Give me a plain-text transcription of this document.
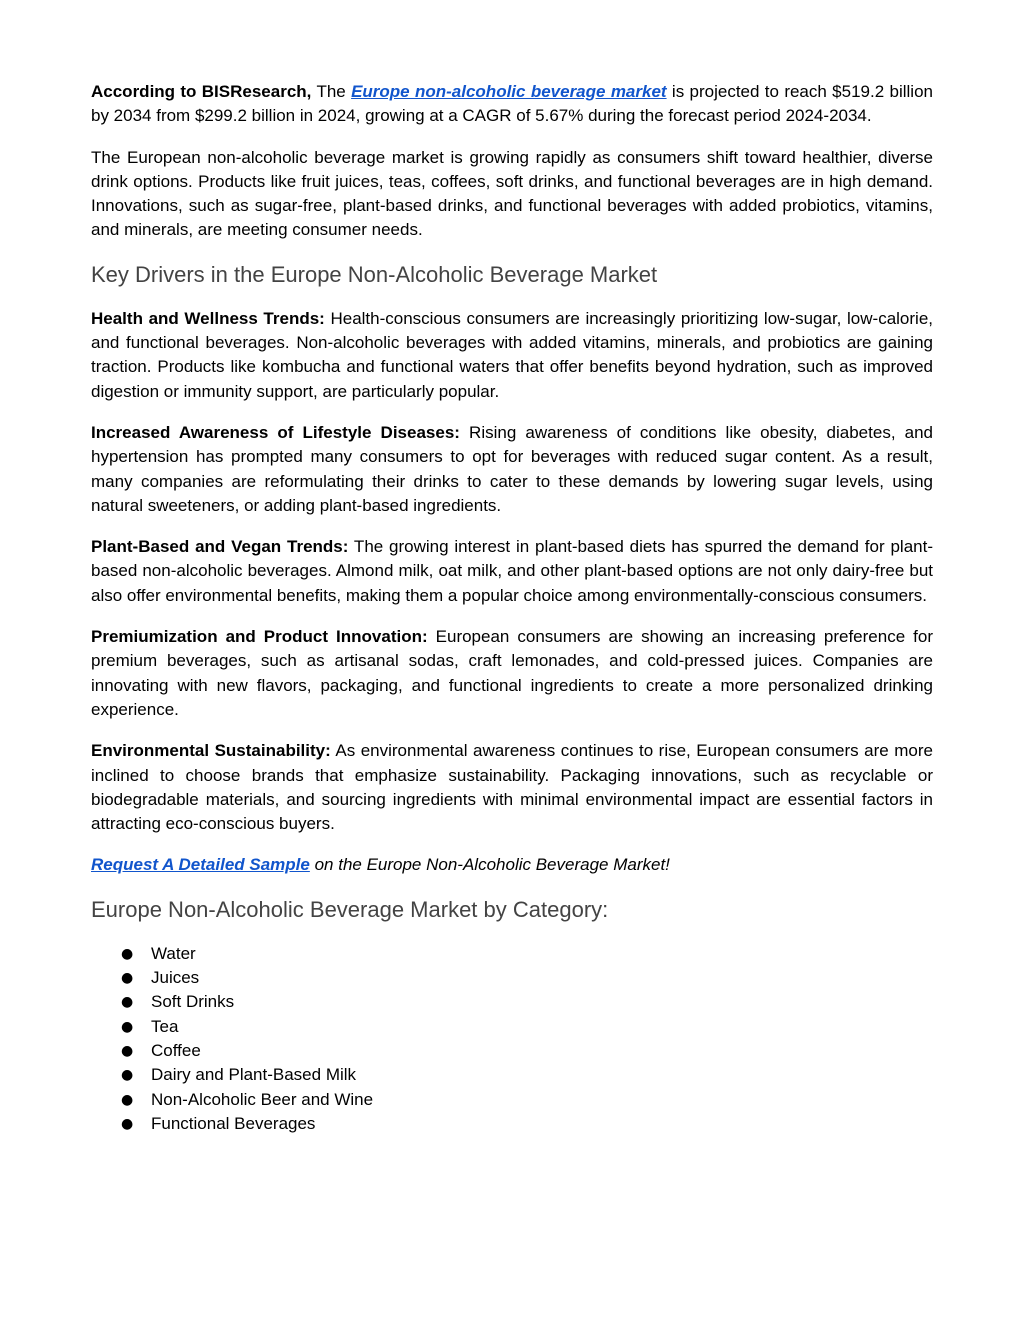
According to BISResearch, The Europe non-alcoholic beverage market is projected to reach $519.2 billion by 2034 from $299.2 billion in 2024, growing at a CAGR of 5.67% during the forecast period 2024-2034.

The European non-alcoholic beverage market is growing rapidly as consumers shift toward healthier, diverse drink options. Products like fruit juices, teas, coffees, soft drinks, and functional beverages are in high demand. Innovations, such as sugar-free, plant-based drinks, and functional beverages with added probiotics, vitamins, and minerals, are meeting consumer needs.

Key Drivers in the Europe Non-Alcoholic Beverage Market

Health and Wellness Trends: Health-conscious consumers are increasingly prioritizing low-sugar, low-calorie, and functional beverages. Non-alcoholic beverages with added vitamins, minerals, and probiotics are gaining traction. Products like kombucha and functional waters that offer benefits beyond hydration, such as improved digestion or immunity support, are particularly popular.

Increased Awareness of Lifestyle Diseases: Rising awareness of conditions like obesity, diabetes, and hypertension has prompted many consumers to opt for beverages with reduced sugar content. As a result, many companies are reformulating their drinks to cater to these demands by lowering sugar levels, using natural sweeteners, or adding plant-based ingredients.

Plant-Based and Vegan Trends: The growing interest in plant-based diets has spurred the demand for plant-based non-alcoholic beverages. Almond milk, oat milk, and other plant-based options are not only dairy-free but also offer environmental benefits, making them a popular choice among environmentally-conscious consumers.

Premiumization and Product Innovation: European consumers are showing an increasing preference for premium beverages, such as artisanal sodas, craft lemonades, and cold-pressed juices. Companies are innovating with new flavors, packaging, and functional ingredients to create a more personalized drinking experience.

Environmental Sustainability: As environmental awareness continues to rise, European consumers are more inclined to choose brands that emphasize sustainability. Packaging innovations, such as recyclable or biodegradable materials, and sourcing ingredients with minimal environmental impact are essential factors in attracting eco-conscious buyers.

Request A Detailed Sample on the Europe Non-Alcoholic Beverage Market!

Europe Non-Alcoholic Beverage Market by Category:
● Water
● Juices
● Soft Drinks
● Tea
● Coffee
● Dairy and Plant-Based Milk
● Non-Alcoholic Beer and Wine
● Functional Beverages
